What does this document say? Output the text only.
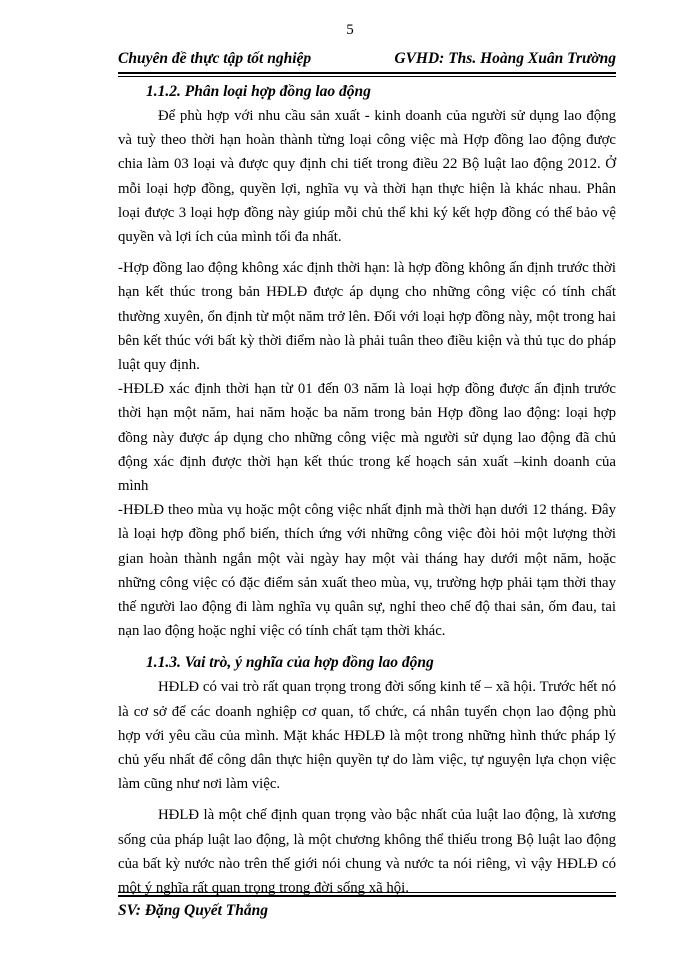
5
Chuyên đề thực tập tốt nghiệp	GVHD: Ths. Hoàng Xuân Trường
1.1.2. Phân loại hợp đồng lao động

Để phù hợp với nhu cầu sản xuất - kinh doanh của người sử dụng lao động và tuỳ theo thời hạn hoàn thành từng loại công việc mà Hợp đồng lao động được chia làm 03 loại và được quy định chi tiết trong điều 22 Bộ luật lao động 2012. Ở mỗi loại hợp đồng, quyền lợi, nghĩa vụ và thời hạn thực hiện là khác nhau. Phân loại được 3 loại hợp đồng này giúp mỗi chủ thể khi ký kết hợp đồng có thể bảo vệ quyền và lợi ích của mình tối đa nhất.

-Hợp đồng lao động không xác định thời hạn: là hợp đồng không ấn định trước thời hạn kết thúc trong bản HĐLĐ được áp dụng cho những công việc có tính chất thường xuyên, ổn định từ một năm trở lên. Đối với loại hợp đồng này, một trong hai bên kết thúc với bất kỳ thời điểm nào là phải tuân theo điều kiện và thủ tục do pháp luật quy định.

-HĐLĐ xác định thời hạn từ 01 đến 03 năm là loại hợp đồng được ấn định trước thời hạn một năm, hai năm hoặc ba năm trong bản Hợp đồng lao động: loại hợp đồng này được áp dụng cho những công việc mà người sử dụng lao động đã chủ động xác định được thời hạn kết thúc trong kế hoạch sản xuất –kinh doanh của mình

-HĐLĐ theo mùa vụ hoặc một công việc nhất định mà thời hạn dưới 12 tháng. Đây là loại hợp đồng phổ biến, thích ứng với những công việc đòi hỏi một lượng thời gian hoàn thành ngắn một vài ngày hay một vài tháng hay dưới một năm, hoặc những công việc có đặc điểm sản xuất theo mùa, vụ, trường hợp phải tạm thời thay thế người lao động đi làm nghĩa vụ quân sự, nghỉ theo chế độ thai sản, ốm đau, tai nạn lao động hoặc nghỉ việc có tính chất tạm thời khác.

1.1.3. Vai trò, ý nghĩa của hợp đồng lao động

HĐLĐ có vai trò rất quan trọng trong đời sống kinh tế – xã hội. Trước hết nó là cơ sở để các doanh nghiệp cơ quan, tổ chức, cá nhân tuyển chọn lao động phù hợp với yêu cầu của mình. Mặt khác HĐLĐ là một trong những hình thức pháp lý chủ yếu nhất để công dân thực hiện quyền tự do làm việc, tự nguyện lựa chọn việc làm cũng như nơi làm việc.

HĐLĐ là một chế định quan trọng vào bậc nhất của luật lao động, là xương sống của pháp luật lao động, là một chương không thể thiếu trong Bộ luật lao động của bất kỳ nước nào trên thế giới nói chung và nước ta nói riêng, vì vậy HĐLĐ có một ý nghĩa rất quan trọng trong đời sống xã hội.

SV: Đặng Quyết Thắng
